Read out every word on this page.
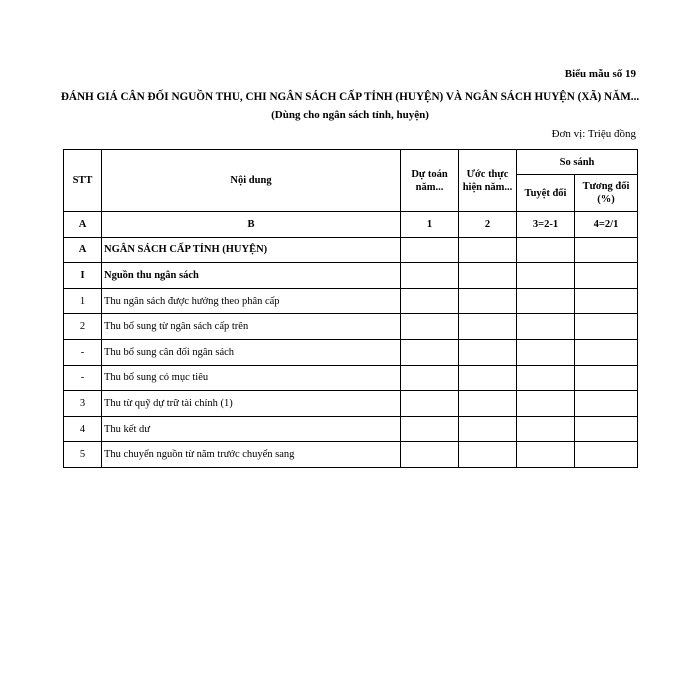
Biểu mẫu số 19
ĐÁNH GIÁ CÂN ĐỐI NGUỒN THU, CHI NGÂN SÁCH CẤP TỈNH (HUYỆN) VÀ NGÂN SÁCH HUYỆN (XÃ) NĂM...
(Dùng cho ngân sách tỉnh, huyện)
Đơn vị: Triệu đồng
STT	Nội dung	Dự toán năm...	Ước thực hiện năm...	So sánh	
				Tuyệt đối	Tương đối (%)
A	B	1	2	3=2-1	4=2/1
A	NGÂN SÁCH CẤP TỈNH (HUYỆN)				
I	Nguồn thu ngân sách				
1	Thu ngân sách được hưởng theo phân cấp				
2	Thu bổ sung từ ngân sách cấp trên				
-	Thu bổ sung cân đối ngân sách				
-	Thu bổ sung có mục tiêu				
3	Thu từ quỹ dự trữ tài chính (1)				
4	Thu kết dư				
5	Thu chuyển nguồn từ năm trước chuyển sang				
